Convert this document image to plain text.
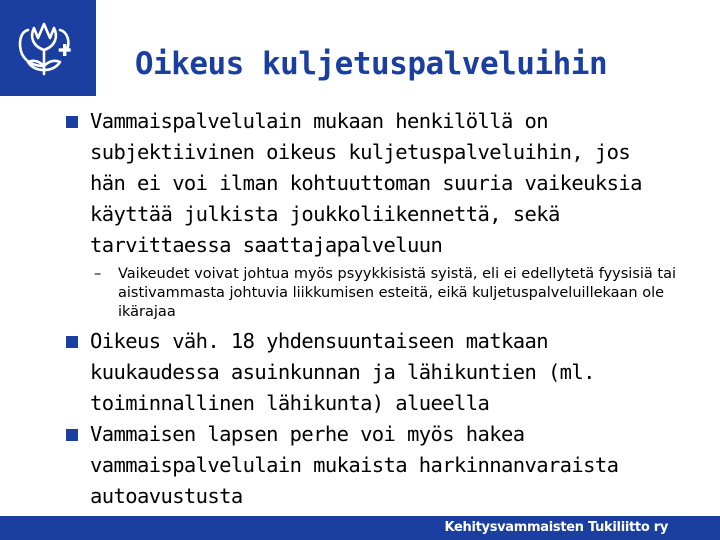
Oikeus kuljetuspalveluihin
Vammaispalvelulain mukaan henkilöllä on subjektiivinen oikeus kuljetuspalveluihin, jos hän ei voi ilman kohtuuttoman suuria vaikeuksia käyttää julkista joukkoliikennettä, sekä tarvittaessa saattajapalveluun
– Vaikeudet voivat johtua myös psyykkisistä syistä, eli ei edellytetä fyysisiä tai aistivammasta johtuvia liikkumisen esteitä, eikä kuljetuspalveluillekaan ole ikärajaa
Oikeus väh. 18 yhdensuuntaiseen matkaan kuukaudessa asuinkunnan ja lähikuntien (ml. toiminnallinen lähikunta) alueella
Vammaisen lapsen perhe voi myös hakea vammaispalvelulain mukaista harkinnanvaraista autoavustusta
Kehitysvammaisten Tukiliitto ry
